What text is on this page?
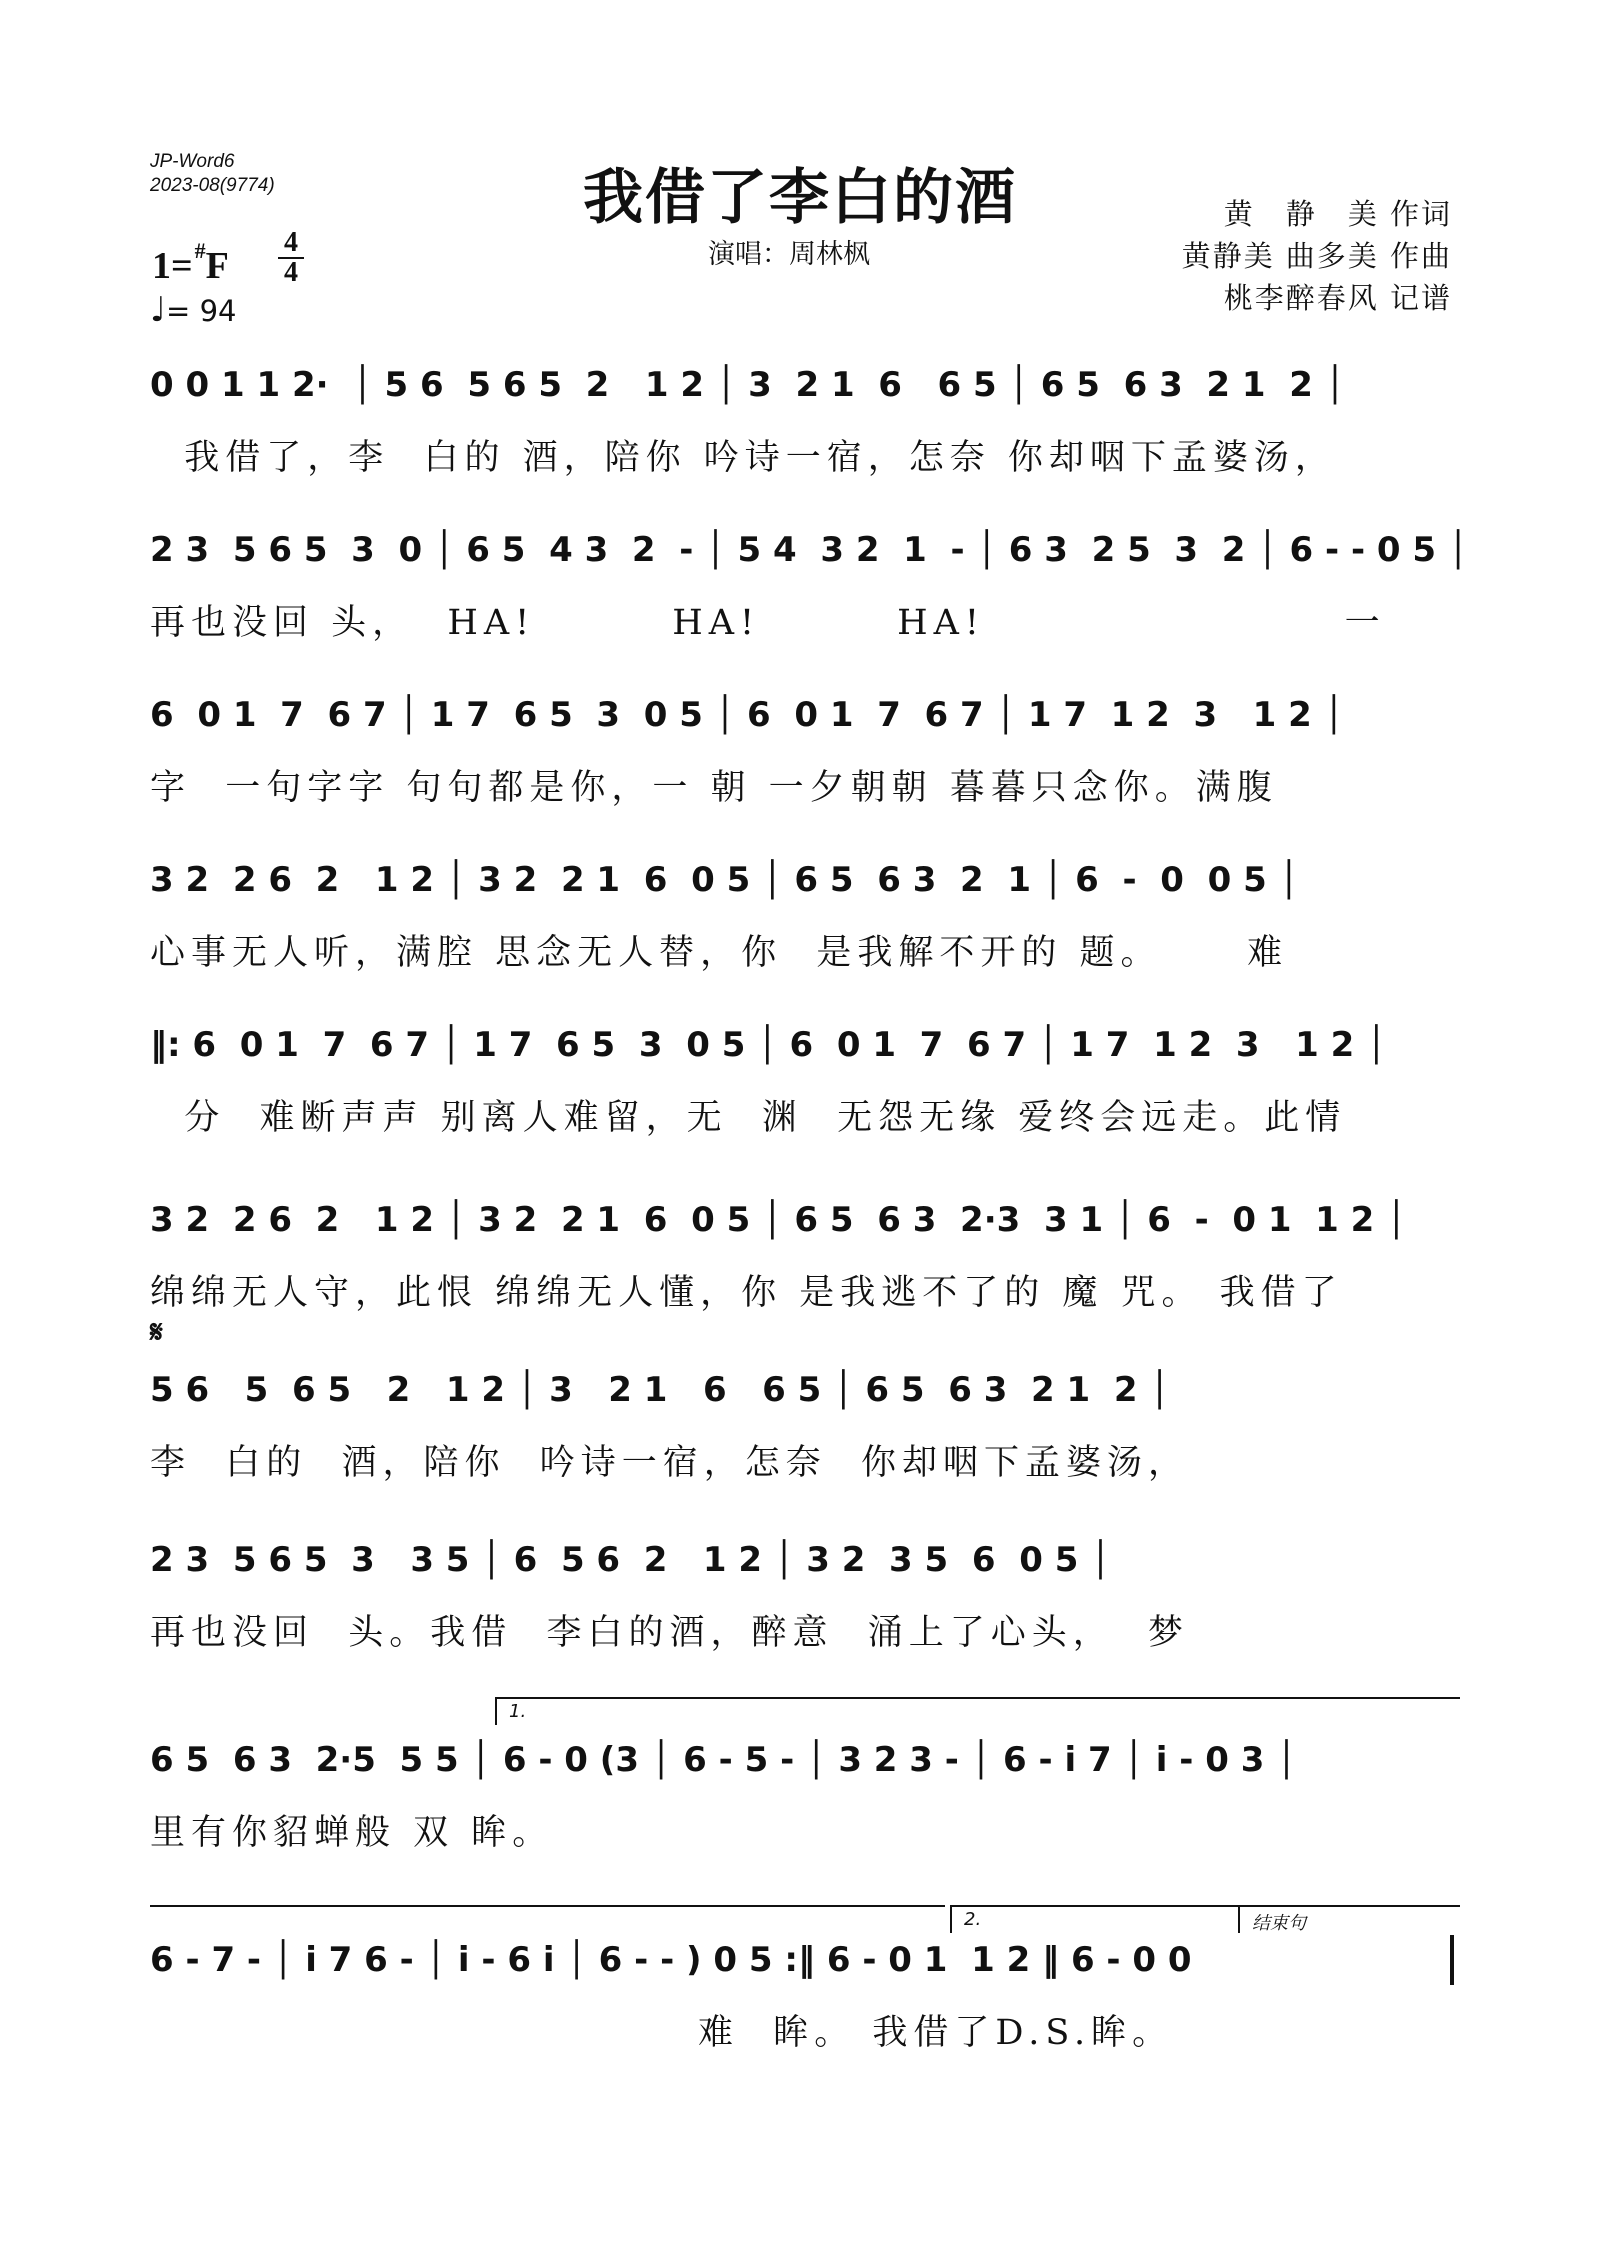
JP-Word6
2023-08(9774)	我借了李白的酒
演唱：周林枫
黄　静　美 作词
黄静美 曲多美 作曲
桃李醉春风 记谱
1=#F
4
4
♩= 94
0 0 1 1 2·  │ 5 6  5 6 5  2   1 2 │ 3  2 1  6   6 5 │ 6 5  6 3  2 1  2 │
我借了，李  白的 酒，陪你 吟诗一宿，怎奈 你却咽下孟婆汤，
2 3  5 6 5  3  0 │ 6 5  4 3  2  - │ 5 4  3 2  1  - │ 6 3  2 5  3  2 │ 6 - - 0 5 │
再也没回 头，  HA!        HA!        HA!                     一
6  0 1  7  6 7 │ 1 7  6 5  3  0 5 │ 6  0 1  7  6 7 │ 1 7  1 2  3   1 2 │
字  一句字字 句句都是你，一 朝 一夕朝朝 暮暮只念你。满腹
3 2  2 6  2   1 2 │ 3 2  2 1  6  0 5 │ 6 5  6 3  2  1 │ 6  -  0  0 5 │
心事无人听，满腔 思念无人替，你  是我解不开的 题。     难
‖: 6  0 1  7  6 7 │ 1 7  6 5  3  0 5 │ 6  0 1  7  6 7 │ 1 7  1 2  3   1 2 │
分  难断声声 别离人难留，无  渊  无怨无缘 爱终会远走。此情
3 2  2 6  2   1 2 │ 3 2  2 1  6  0 5 │ 6 5  6 3  2·3  3 1 │ 6  -  0 1  1 2 │
绵绵无人守，此恨 绵绵无人懂，你 是我逃不了的 魔 咒。 我借了
𝄋
5 6   5  6 5   2   1 2 │ 3   2 1   6   6 5 │ 6 5  6 3  2 1  2 │
李  白的  酒，陪你  吟诗一宿，怎奈  你却咽下孟婆汤，
2 3  5 6 5  3   3 5 │ 6  5 6  2   1 2 │ 3 2  3 5  6  0 5 │
再也没回  头。我借  李白的酒，醉意  涌上了心头，  梦
1.
6 5  6 3  2·5  5 5 │ 6 - 0 (3 │ 6 - 5 - │ 3 2 3 - │ 6 - i 7 │ i - 0 3 │
里有你貂蝉般 双 眸。
2.	结束句
6 - 7 - │ i 7 6 - │ i - 6 i │ 6 - - ) 0 5 :‖ 6 - 0 1  1 2 ‖ 6 - 0 0
难  眸。 我借了D.S.眸。
